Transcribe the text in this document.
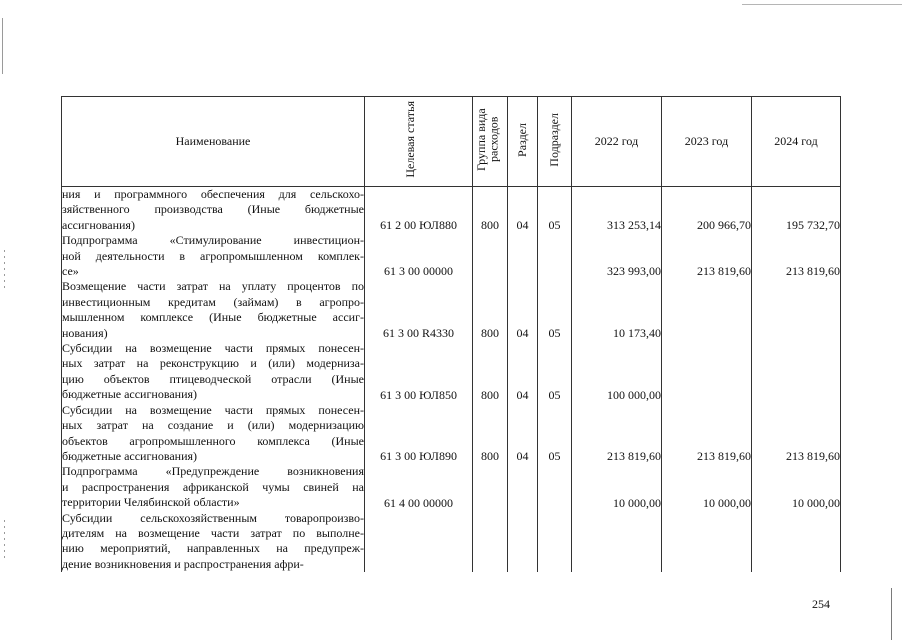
Наименование	Целевая статья	Группа вида расходов	Раздел	Подраздел	2022 год	2023 год	2024 год

ния и программного обеспечения для сельскохо-
зяйственного производства (Иные бюджетные
ассигнования)	61 2 00 ЮЛ880	800	04	05	313 253,14	200 966,70	195 732,70

Подпрограмма «Стимулирование инвестицион-
ной деятельности в агропромышленном комплек-
се»	61 3 00 00000				323 993,00	213 819,60	213 819,60

Возмещение части затрат на уплату процентов по
инвестиционным кредитам (займам) в агропро-
мышленном комплексе (Иные бюджетные ассиг-
нования)	61 3 00 R4330	800	04	05	10 173,40		

Субсидии на возмещение части прямых понесен-
ных затрат на реконструкцию и (или) модерниза-
цию объектов птицеводческой отрасли (Иные
бюджетные ассигнования)	61 3 00 ЮЛ850	800	04	05	100 000,00		

Субсидии на возмещение части прямых понесен-
ных затрат на создание и (или) модернизацию
объектов агропромышленного комплекса (Иные
бюджетные ассигнования)	61 3 00 ЮЛ890	800	04	05	213 819,60	213 819,60	213 819,60

Подпрограмма «Предупреждение возникновения
и распространения африканской чумы свиней на
территории Челябинской области»	61 4 00 00000				10 000,00	10 000,00	10 000,00

Субсидии сельскохозяйственным товаропроизво-
дителям на возмещение части затрат по выполне-
нию мероприятий, направленных на предупреж-
дение возникновения и распространения афри-							

254
